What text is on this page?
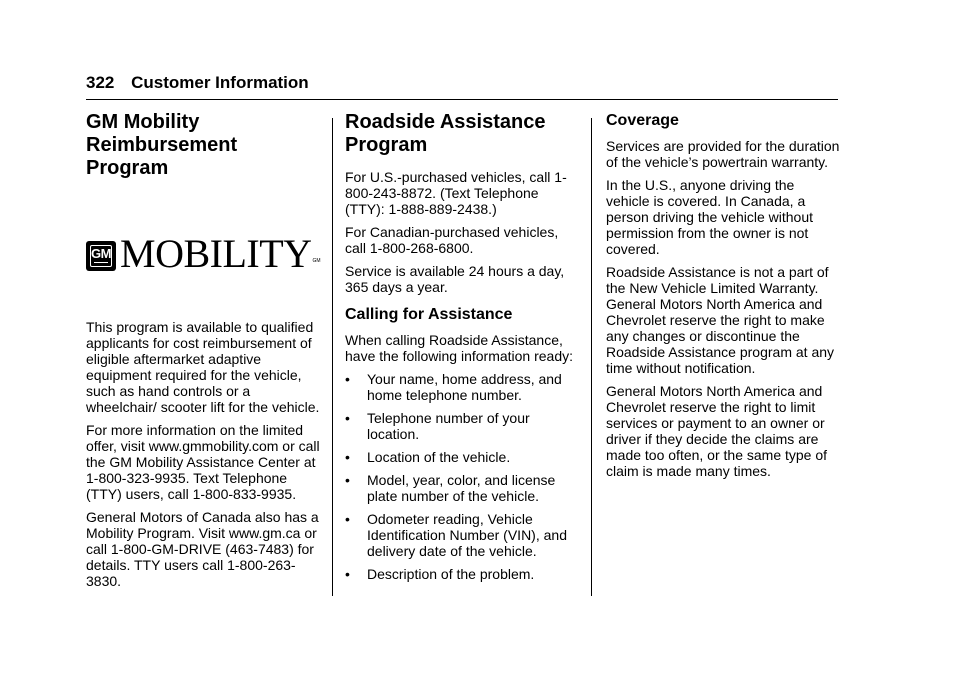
322 Customer Information
GM Mobility Reimbursement Program
GM MOBILITY GM

This program is available to qualified applicants for cost reimbursement of eligible aftermarket adaptive equipment required for the vehicle, such as hand controls or a wheelchair/ scooter lift for the vehicle.

For more information on the limited offer, visit www.gmmobility.com or call the GM Mobility Assistance Center at 1-800-323-9935. Text Telephone (TTY) users, call 1-800-833-9935.

General Motors of Canada also has a Mobility Program. Visit www.gm.ca or call 1-800-GM-DRIVE (463-7483) for details. TTY users call 1-800-263-3830.

Roadside Assistance Program

For U.S.-purchased vehicles, call 1-800-243-8872. (Text Telephone (TTY): 1-888-889-2438.)

For Canadian-purchased vehicles, call 1-800-268-6800.

Service is available 24 hours a day, 365 days a year.

Calling for Assistance

When calling Roadside Assistance, have the following information ready:

• Your name, home address, and home telephone number.
• Telephone number of your location.
• Location of the vehicle.
• Model, year, color, and license plate number of the vehicle.
• Odometer reading, Vehicle Identification Number (VIN), and delivery date of the vehicle.
• Description of the problem.
Coverage

Services are provided for the duration of the vehicle’s powertrain warranty.

In the U.S., anyone driving the vehicle is covered. In Canada, a person driving the vehicle without permission from the owner is not covered.

Roadside Assistance is not a part of the New Vehicle Limited Warranty. General Motors North America and Chevrolet reserve the right to make any changes or discontinue the Roadside Assistance program at any time without notification.

General Motors North America and Chevrolet reserve the right to limit services or payment to an owner or driver if they decide the claims are made too often, or the same type of claim is made many times.
